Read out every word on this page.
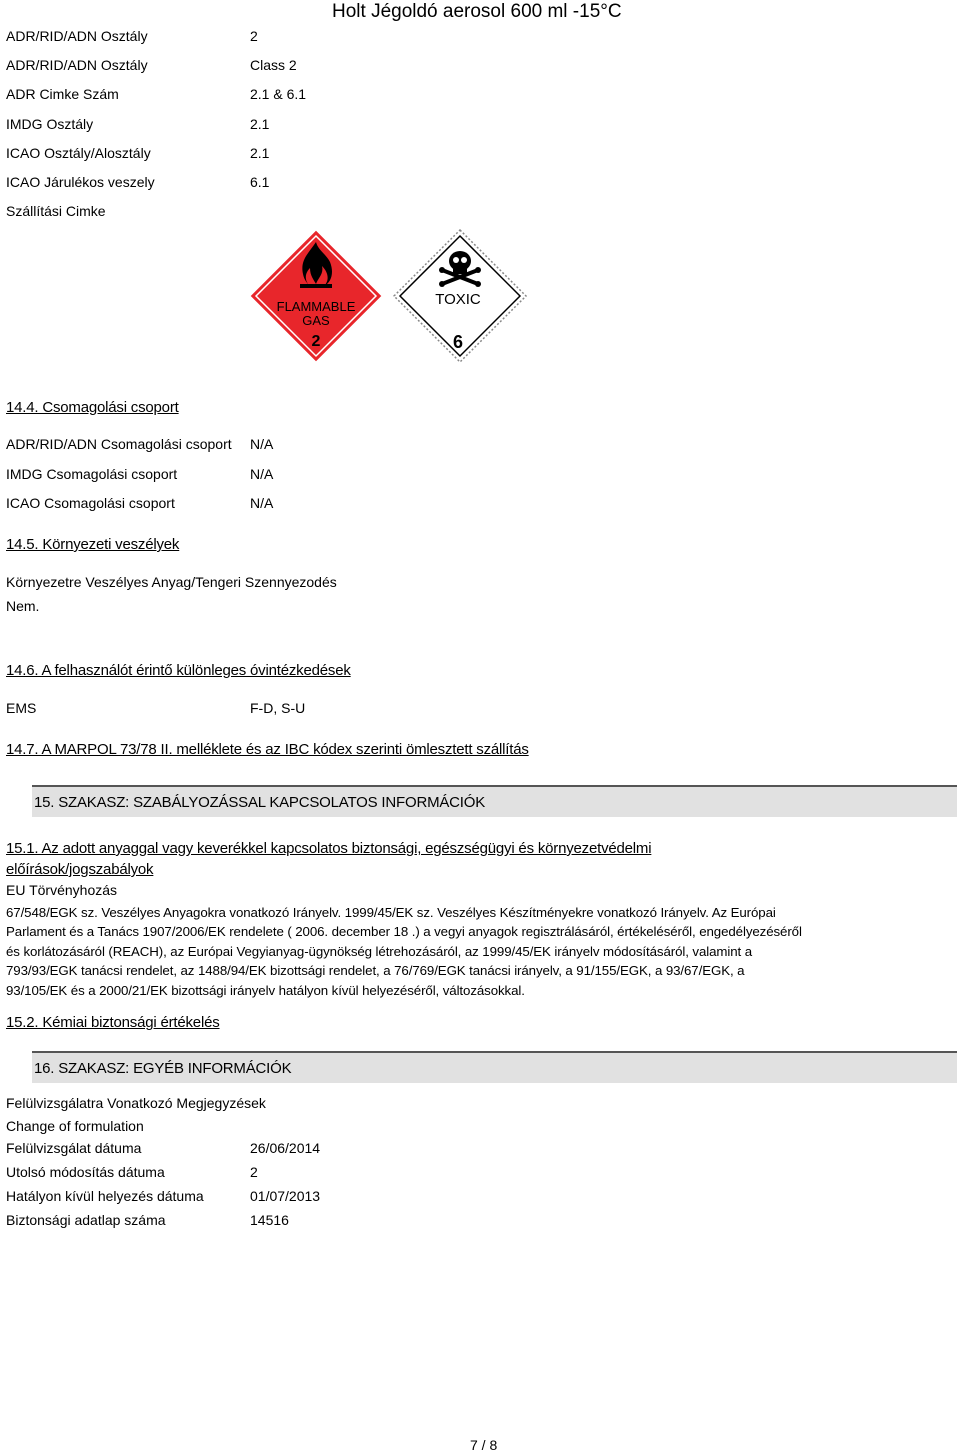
Holt Jégoldó aerosol 600 ml -15°C
ADR/RID/ADN Osztály	2
ADR/RID/ADN Osztály	Class 2
ADR Cimke Szám	2.1 & 6.1
IMDG Osztály	2.1
ICAO Osztály/Alosztály	2.1
ICAO Járulékos veszely	6.1
Szállítási Cimke
FLAMMABLE
GAS
2
TOXIC
6
14.4. Csomagolási csoport
ADR/RID/ADN Csomagolási csoport N/A
IMDG Csomagolási csoport	N/A
ICAO Csomagolási csoport	N/A
14.5. Környezeti veszélyek
Környezetre Veszélyes Anyag/Tengeri Szennyezodés
Nem.
14.6. A felhasználót érintő különleges óvintézkedések
EMS	F-D, S-U
14.7. A MARPOL 73/78 II. melléklete és az IBC kódex szerinti ömlesztett szállítás
15. SZAKASZ: SZABÁLYOZÁSSAL KAPCSOLATOS INFORMÁCIÓK
15.1. Az adott anyaggal vagy keverékkel kapcsolatos biztonsági, egészségügyi és környezetvédelmi
előírások/jogszabályok
EU Törvényhozás
67/548/EGK sz. Veszélyes Anyagokra vonatkozó Irányelv. 1999/45/EK sz. Veszélyes Készítményekre vonatkozó Irányelv. Az Európai
Parlament és a Tanács 1907/2006/EK rendelete ( 2006. december 18 .) a vegyi anyagok regisztrálásáról, értékeléséről, engedélyezéséről
és korlátozásáról (REACH), az Európai Vegyianyag-ügynökség létrehozásáról, az 1999/45/EK irányelv módosításáról, valamint a
793/93/EGK tanácsi rendelet, az 1488/94/EK bizottsági rendelet, a 76/769/EGK tanácsi irányelv, a 91/155/EGK, a 93/67/EGK, a
93/105/EK és a 2000/21/EK bizottsági irányelv hatályon kívül helyezéséről, változásokkal.
15.2. Kémiai biztonsági értékelés
16. SZAKASZ: EGYÉB INFORMÁCIÓK
Felülvizsgálatra Vonatkozó Megjegyzések
Change of formulation
Felülvizsgálat dátuma	26/06/2014
Utolsó módosítás dátuma	2
Hatályon kívül helyezés dátuma	01/07/2013
Biztonsági adatlap száma	14516
7 / 8
